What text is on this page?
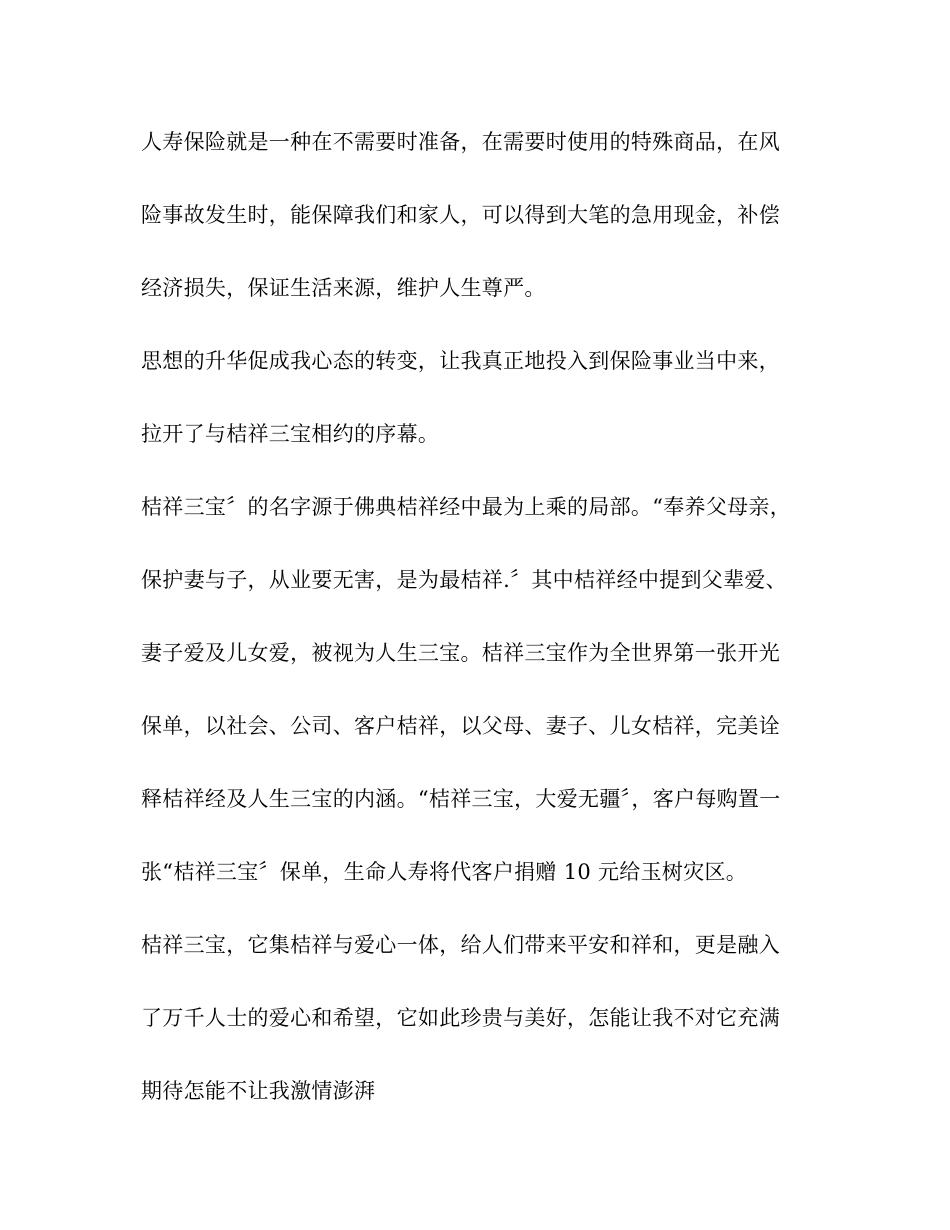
人寿保险就是一种在不需要时准备，在需要时使用的特殊商品，在风
险事故发生时，能保障我们和家人，可以得到大笔的急用现金，补偿
经济损失，保证生活来源，维护人生尊严。
思想的升华促成我心态的转变，让我真正地投入到保险事业当中来，
拉开了与桔祥三宝相约的序幕。
桔祥三宝〞的名字源于佛典桔祥经中最为上乘的局部。“奉养父母亲，
保护妻与子，从业要无害，是为最桔祥.〞其中桔祥经中提到父辈爱、
妻子爱及儿女爱，被视为人生三宝。桔祥三宝作为全世界第一张开光
保单，以社会、公司、客户桔祥，以父母、妻子、儿女桔祥，完美诠
释桔祥经及人生三宝的内涵。“桔祥三宝，大爱无疆〞，客户每购置一
张“桔祥三宝〞保单，生命人寿将代客户捐赠 10 元给玉树灾区。
桔祥三宝，它集桔祥与爱心一体，给人们带来平安和祥和，更是融入
了万千人士的爱心和希望，它如此珍贵与美好，怎能让我不对它充满
期待怎能不让我激情澎湃
